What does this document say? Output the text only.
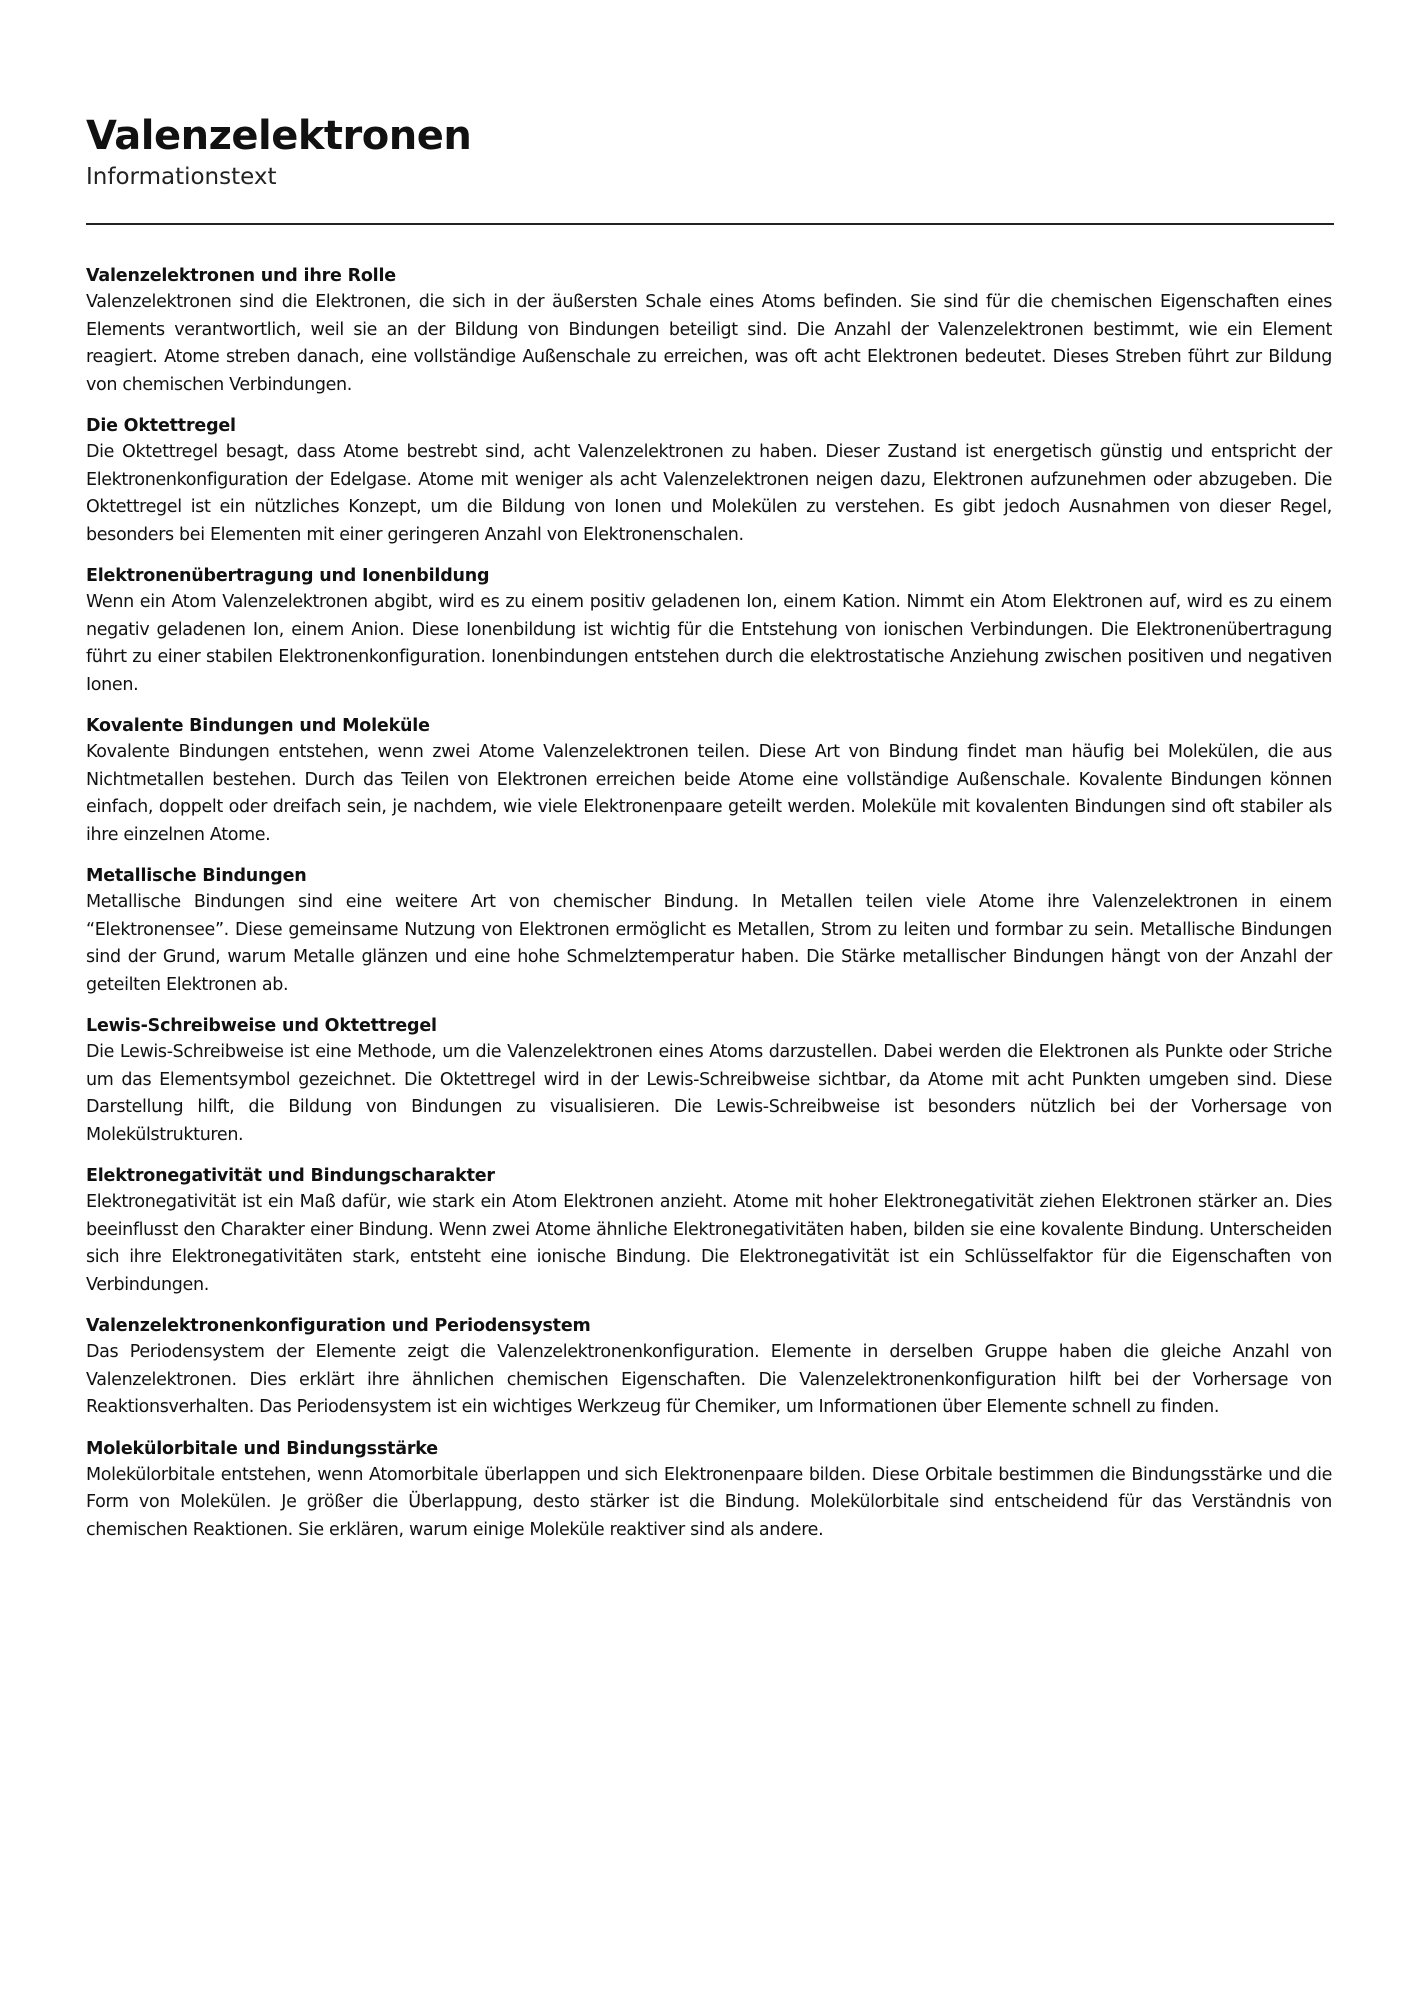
Valenzelektronen
Informationstext
Valenzelektronen und ihre Rolle

Valenzelektronen sind die Elektronen, die sich in der äußersten Schale eines Atoms befinden. Sie sind für die chemischen Eigenschaften eines Elements verantwortlich, weil sie an der Bildung von Bindungen beteiligt sind. Die Anzahl der Valenzelektronen bestimmt, wie ein Element reagiert. Atome streben danach, eine vollständige Außenschale zu erreichen, was oft acht Elektronen bedeutet. Dieses Streben führt zur Bildung von chemischen Verbindungen.

Die Oktettregel

Die Oktettregel besagt, dass Atome bestrebt sind, acht Valenzelektronen zu haben. Dieser Zustand ist energetisch günstig und entspricht der Elektronenkonfiguration der Edelgase. Atome mit weniger als acht Valenzelektronen neigen dazu, Elektronen aufzunehmen oder abzugeben. Die Oktettregel ist ein nützliches Konzept, um die Bildung von Ionen und Molekülen zu verstehen. Es gibt jedoch Ausnahmen von dieser Regel, besonders bei Elementen mit einer geringeren Anzahl von Elektronenschalen.

Elektronenübertragung und Ionenbildung

Wenn ein Atom Valenzelektronen abgibt, wird es zu einem positiv geladenen Ion, einem Kation. Nimmt ein Atom Elektronen auf, wird es zu einem negativ geladenen Ion, einem Anion. Diese Ionenbildung ist wichtig für die Entstehung von ionischen Verbindungen. Die Elektronenübertragung führt zu einer stabilen Elektronenkonfiguration. Ionenbindungen entstehen durch die elektrostatische Anziehung zwischen positiven und negativen Ionen.

Kovalente Bindungen und Moleküle

Kovalente Bindungen entstehen, wenn zwei Atome Valenzelektronen teilen. Diese Art von Bindung findet man häufig bei Molekülen, die aus Nichtmetallen bestehen. Durch das Teilen von Elektronen erreichen beide Atome eine vollständige Außenschale. Kovalente Bindungen können einfach, doppelt oder dreifach sein, je nachdem, wie viele Elektronenpaare geteilt werden. Moleküle mit kovalenten Bindungen sind oft stabiler als ihre einzelnen Atome.

Metallische Bindungen

Metallische Bindungen sind eine weitere Art von chemischer Bindung. In Metallen teilen viele Atome ihre Valenzelektronen in einem “Elektronensee”. Diese gemeinsame Nutzung von Elektronen ermöglicht es Metallen, Strom zu leiten und formbar zu sein. Metallische Bindungen sind der Grund, warum Metalle glänzen und eine hohe Schmelztemperatur haben. Die Stärke metallischer Bindungen hängt von der Anzahl der geteilten Elektronen ab.

Lewis-Schreibweise und Oktettregel

Die Lewis-Schreibweise ist eine Methode, um die Valenzelektronen eines Atoms darzustellen. Dabei werden die Elektronen als Punkte oder Striche um das Elementsymbol gezeichnet. Die Oktettregel wird in der Lewis-Schreibweise sichtbar, da Atome mit acht Punkten umgeben sind. Diese Darstellung hilft, die Bildung von Bindungen zu visualisieren. Die Lewis-Schreibweise ist besonders nützlich bei der Vorhersage von Molekülstrukturen.

Elektronegativität und Bindungscharakter

Elektronegativität ist ein Maß dafür, wie stark ein Atom Elektronen anzieht. Atome mit hoher Elektronegativität ziehen Elektronen stärker an. Dies beeinflusst den Charakter einer Bindung. Wenn zwei Atome ähnliche Elektronegativitäten haben, bilden sie eine kovalente Bindung. Unterscheiden sich ihre Elektronegativitäten stark, entsteht eine ionische Bindung. Die Elektronegativität ist ein Schlüsselfaktor für die Eigenschaften von Verbindungen.

Valenzelektronenkonfiguration und Periodensystem

Das Periodensystem der Elemente zeigt die Valenzelektronenkonfiguration. Elemente in derselben Gruppe haben die gleiche Anzahl von Valenzelektronen. Dies erklärt ihre ähnlichen chemischen Eigenschaften. Die Valenzelektronenkonfiguration hilft bei der Vorhersage von Reaktionsverhalten. Das Periodensystem ist ein wichtiges Werkzeug für Chemiker, um Informationen über Elemente schnell zu finden.

Molekülorbitale und Bindungsstärke

Molekülorbitale entstehen, wenn Atomorbitale überlappen und sich Elektronenpaare bilden. Diese Orbitale bestimmen die Bindungsstärke und die Form von Molekülen. Je größer die Überlappung, desto stärker ist die Bindung. Molekülorbitale sind entscheidend für das Verständnis von chemischen Reaktionen. Sie erklären, warum einige Moleküle reaktiver sind als andere.
